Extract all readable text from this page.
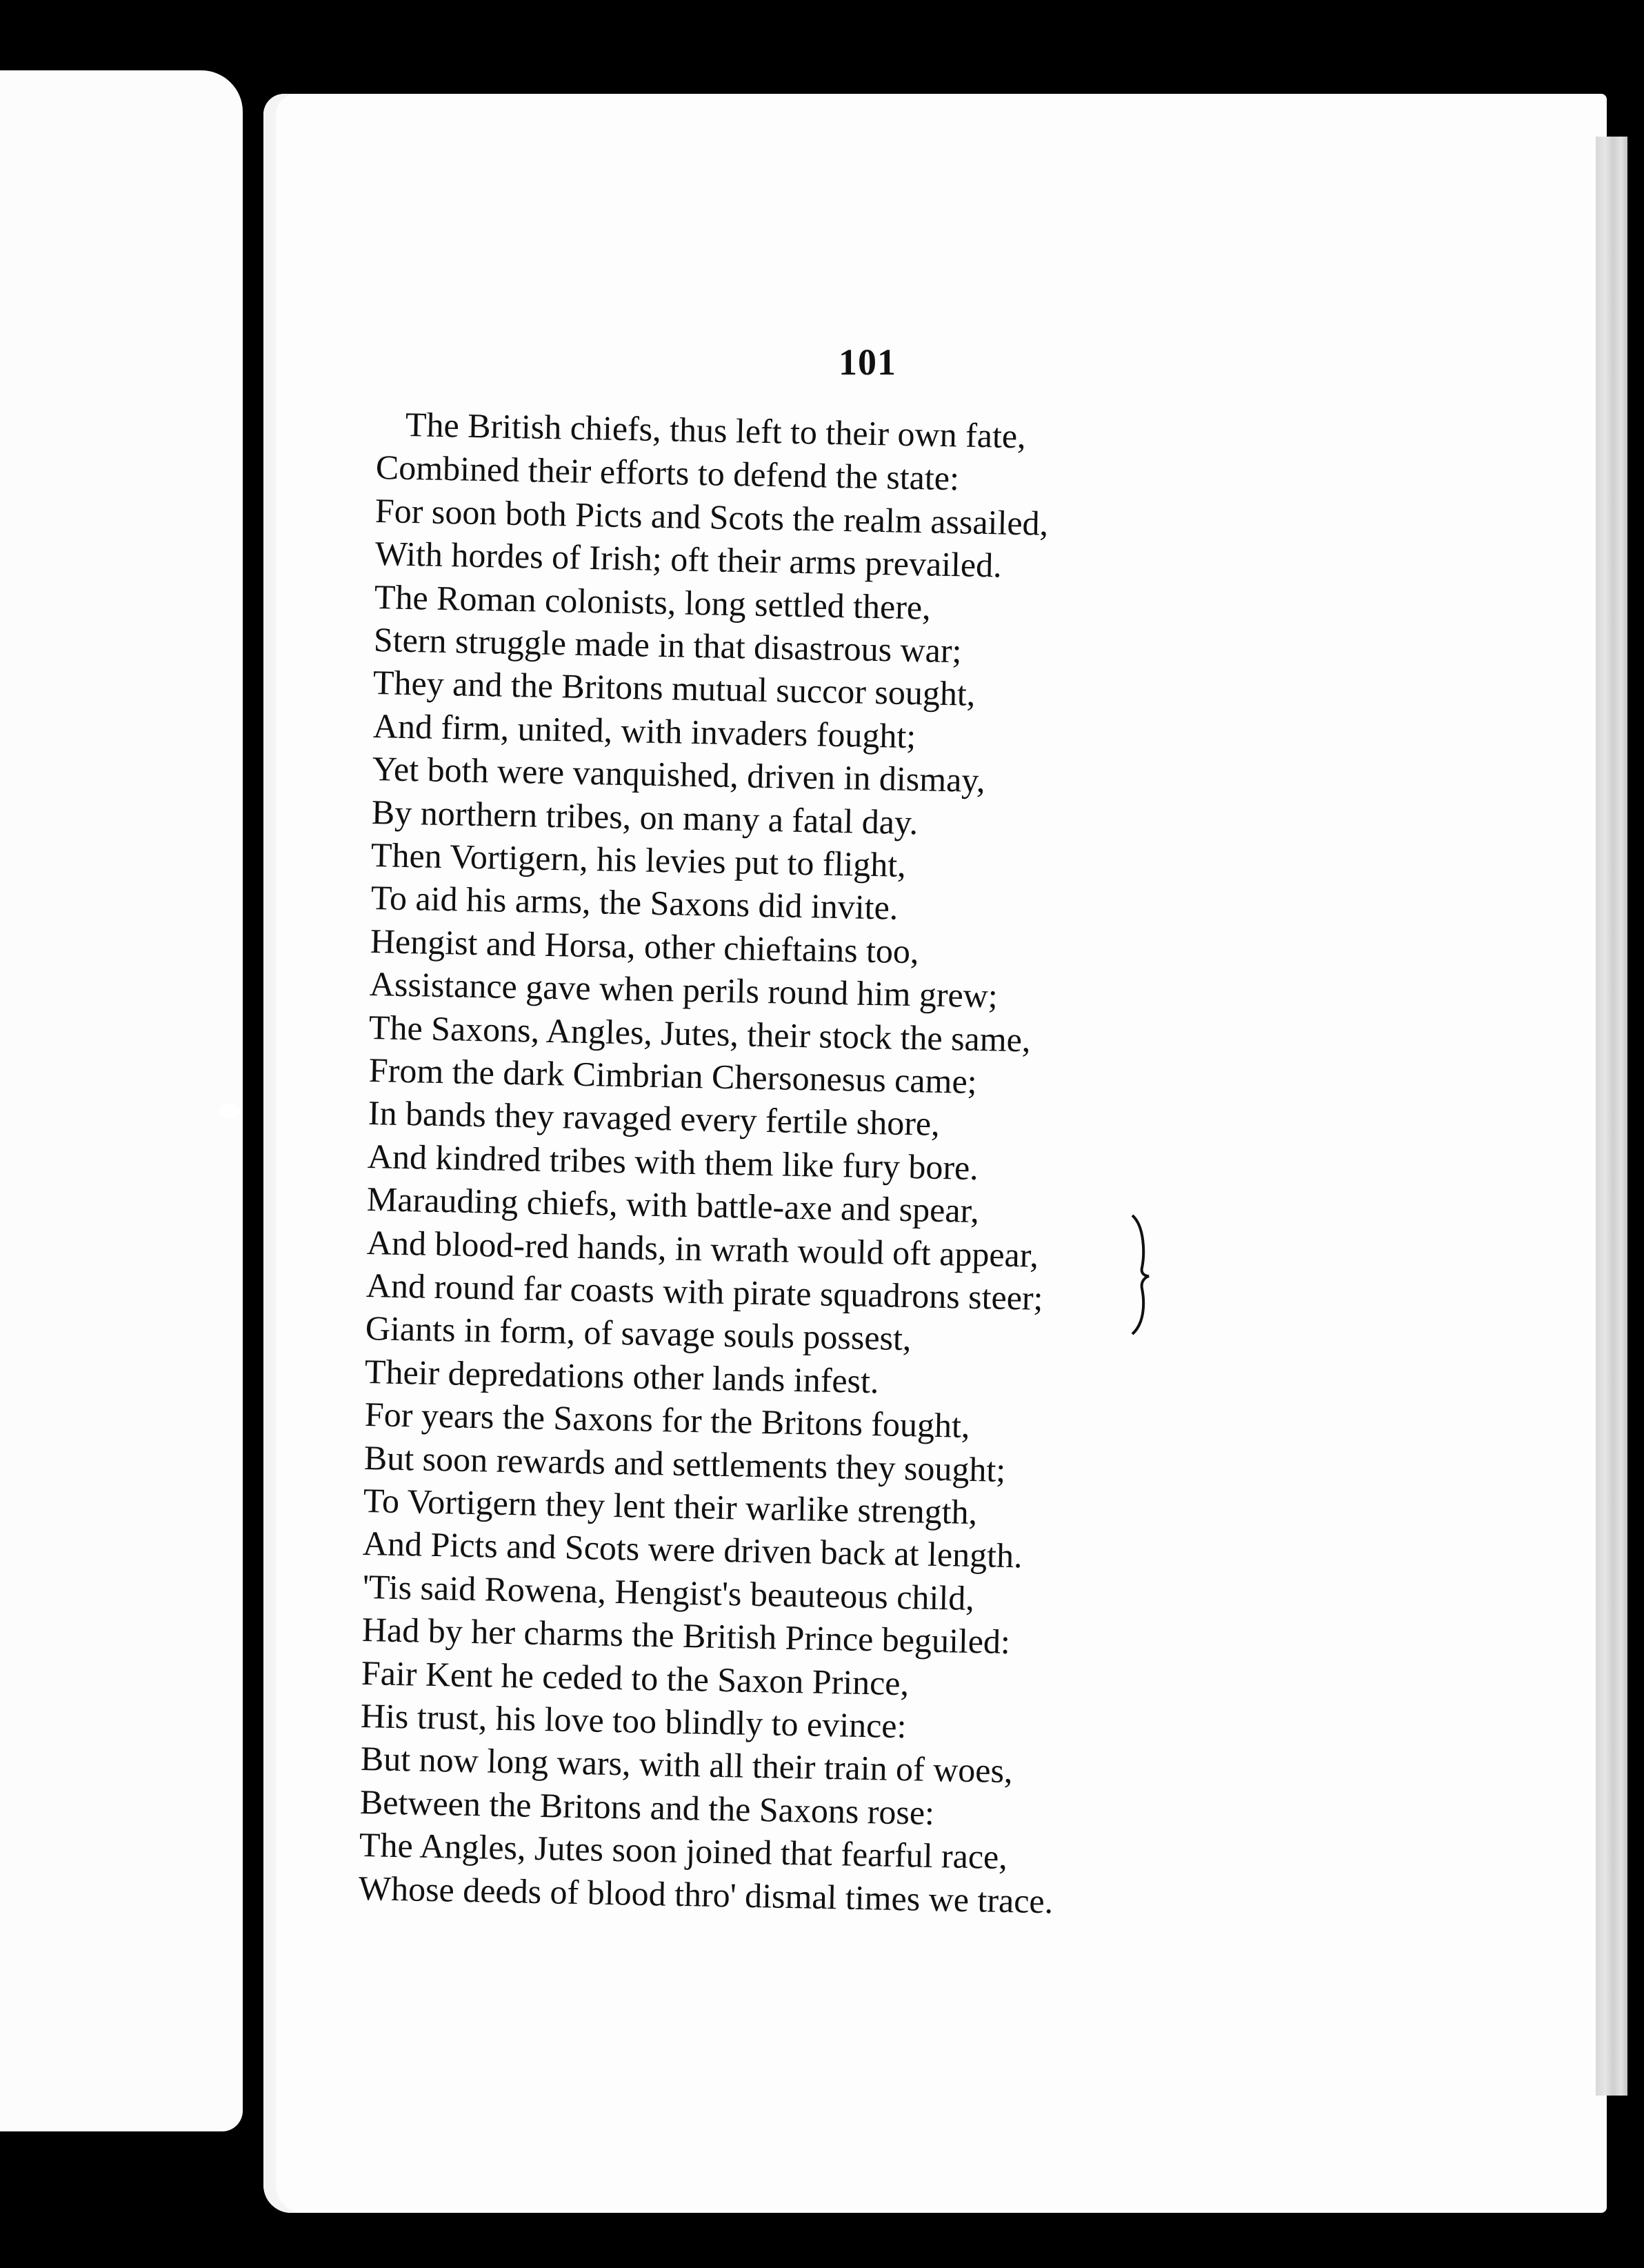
101
The British chiefs, thus left to their own fate,
Combined their efforts to defend the state:
For soon both Picts and Scots the realm assailed,
With hordes of Irish; oft their arms prevailed.
The Roman colonists, long settled there,
Stern struggle made in that disastrous war;
They and the Britons mutual succor sought,
And firm, united, with invaders fought;
Yet both were vanquished, driven in dismay,
By northern tribes, on many a fatal day.
Then Vortigern, his levies put to flight,
To aid his arms, the Saxons did invite.
Hengist and Horsa, other chieftains too,
Assistance gave when perils round him grew;
The Saxons, Angles, Jutes, their stock the same,
From the dark Cimbrian Chersonesus came;
In bands they ravaged every fertile shore,
And kindred tribes with them like fury bore.
Marauding chiefs, with battle-axe and spear,
And blood-red hands, in wrath would oft appear,
And round far coasts with pirate squadrons steer;
Giants in form, of savage souls possest,
Their depredations other lands infest.
For years the Saxons for the Britons fought,
But soon rewards and settlements they sought;
To Vortigern they lent their warlike strength,
And Picts and Scots were driven back at length.
'Tis said Rowena, Hengist's beauteous child,
Had by her charms the British Prince beguiled:
Fair Kent he ceded to the Saxon Prince,
His trust, his love too blindly to evince:
But now long wars, with all their train of woes,
Between the Britons and the Saxons rose:
The Angles, Jutes soon joined that fearful race,
Whose deeds of blood thro' dismal times we trace.
